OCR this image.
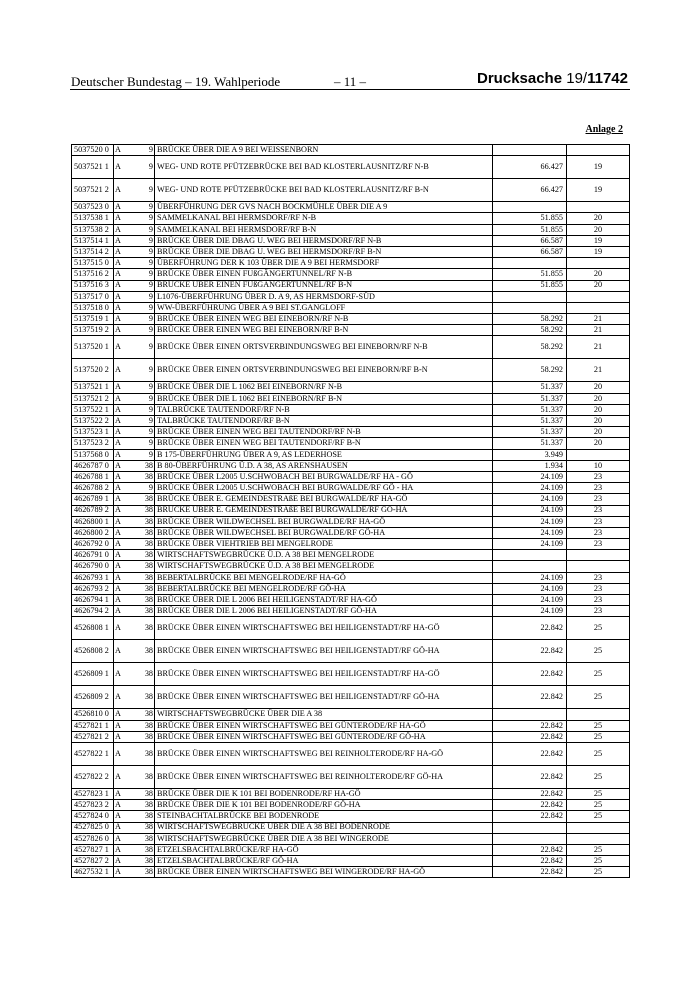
Deutscher Bundestag – 19. Wahlperiode	– 11 –	Drucksache 19/11742
Anlage 2
5037520 0	A	9	BRÜCKE ÜBER DIE A 9 BEI WEISSENBORN		
5037521 1	A	9	WEG- UND ROTE PFÜTZEBRÜCKE BEI BAD KLOSTERLAUSNITZ/RF N-B	66.427	19
5037521 2	A	9	WEG- UND ROTE PFÜTZEBRÜCKE BEI BAD KLOSTERLAUSNITZ/RF B-N	66.427	19
5037523 0	A	9	ÜBERFÜHRUNG DER GVS NACH BOCKMÜHLE ÜBER DIE A 9		
5137538 1	A	9	SAMMELKANAL BEI HERMSDORF/RF N-B	51.855	20
5137538 2	A	9	SAMMELKANAL BEI HERMSDORF/RF B-N	51.855	20
5137514 1	A	9	BRÜCKE ÜBER DIE DBAG U. WEG BEI HERMSDORF/RF N-B	66.587	19
5137514 2	A	9	BRÜCKE ÜBER DIE DBAG U. WEG BEI HERMSDORF/RF B-N	66.587	19
5137515 0	A	9	ÜBERFÜHRUNG DER K 103 ÜBER DIE A 9 BEI HERMSDORF		
5137516 2	A	9	BRÜCKE ÜBER EINEN FUßGÄNGERTUNNEL/RF N-B	51.855	20
5137516 3	A	9	BRÜCKE ÜBER EINEN FUßGÄNGERTUNNEL/RF B-N	51.855	20
5137517 0	A	9	L1076-ÜBERFÜHRUNG ÜBER D. A 9, AS HERMSDORF-SÜD		
5137518 0	A	9	WW-ÜBERFÜHRUNG ÜBER A 9 BEI ST.GANGLOFF		
5137519 1	A	9	BRÜCKE ÜBER EINEN WEG BEI EINEBORN/RF N-B	58.292	21
5137519 2	A	9	BRÜCKE ÜBER EINEN WEG BEI EINEBORN/RF B-N	58.292	21
5137520 1	A	9	BRÜCKE ÜBER EINEN ORTSVERBINDUNGSWEG BEI EINEBORN/RF N-B	58.292	21
5137520 2	A	9	BRÜCKE ÜBER EINEN ORTSVERBINDUNGSWEG BEI EINEBORN/RF B-N	58.292	21
5137521 1	A	9	BRÜCKE ÜBER DIE L 1062 BEI EINEBORN/RF N-B	51.337	20
5137521 2	A	9	BRÜCKE ÜBER DIE L 1062 BEI EINEBORN/RF B-N	51.337	20
5137522 1	A	9	TALBRÜCKE TAUTENDORF/RF N-B	51.337	20
5137522 2	A	9	TALBRÜCKE TAUTENDORF/RF B-N	51.337	20
5137523 1	A	9	BRÜCKE ÜBER EINEN WEG BEI TAUTENDORF/RF N-B	51.337	20
5137523 2	A	9	BRÜCKE ÜBER EINEN WEG BEI TAUTENDORF/RF B-N	51.337	20
5137568 0	A	9	B 175-ÜBERFÜHRUNG ÜBER A 9, AS LEDERHOSE	3.949	
4626787 0	A	38	B 80-ÜBERFÜHRUNG Ü.D. A 38, AS ARENSHAUSEN	1.934	10
4626788 1	A	38	BRÜCKE ÜBER L2005 U.SCHWOBACH BEI BURGWALDE/RF HA - GÖ	24.109	23
4626788 2	A	9	BRÜCKE ÜBER L2005 U.SCHWOBACH BEI BURGWALDE/RF GÖ - HA	24.109	23
4626789 1	A	38	BRÜCKE ÜBER E. GEMEINDESTRAßE BEI BURGWALDE/RF HA-GÖ	24.109	23
4626789 2	A	38	BRÜCKE ÜBER E. GEMEINDESTRAßE BEI BURGWALDE/RF GÖ-HA	24.109	23
4626800 1	A	38	BRÜCKE ÜBER WILDWECHSEL BEI BURGWALDE/RF HA-GÖ	24.109	23
4626800 2	A	38	BRÜCKE ÜBER WILDWECHSEL BEI BURGWALDE/RF GÖ-HA	24.109	23
4626792 0	A	38	BRÜCKE ÜBER VIEHTRIEB BEI MENGELRODE	24.109	23
4626791 0	A	38	WIRTSCHAFTSWEGBRÜCKE Ü.D. A 38 BEI MENGELRODE		
4626790 0	A	38	WIRTSCHAFTSWEGBRÜCKE Ü.D. A 38 BEI MENGELRODE		
4626793 1	A	38	BEBERTALBRÜCKE BEI MENGELRODE/RF HA-GÖ	24.109	23
4626793 2	A	38	BEBERTALBRÜCKE BEI MENGELRODE/RF GÖ-HA	24.109	23
4626794 1	A	38	BRÜCKE ÜBER DIE L 2006 BEI HEILIGENSTADT/RF HA-GÖ	24.109	23
4626794 2	A	38	BRÜCKE ÜBER DIE L 2006 BEI HEILIGENSTADT/RF GÖ-HA	24.109	23
4526808 1	A	38	BRÜCKE ÜBER EINEN WIRTSCHAFTSWEG BEI HEILIGENSTADT/RF HA-GÖ	22.842	25
4526808 2	A	38	BRÜCKE ÜBER EINEN WIRTSCHAFTSWEG BEI HEILIGENSTADT/RF GÖ-HA	22.842	25
4526809 1	A	38	BRÜCKE ÜBER EINEN WIRTSCHAFTSWEG BEI HEILIGENSTADT/RF HA-GÖ	22.842	25
4526809 2	A	38	BRÜCKE ÜBER EINEN WIRTSCHAFTSWEG BEI HEILIGENSTADT/RF GÖ-HA	22.842	25
4526810 0	A	38	WIRTSCHAFTSWEGBRÜCKE ÜBER DIE A 38		
4527821 1	A	38	BRÜCKE ÜBER EINEN WIRTSCHAFTSWEG BEI GÜNTERODE/RF HA-GÖ	22.842	25
4527821 2	A	38	BRÜCKE ÜBER EINEN WIRTSCHAFTSWEG BEI GÜNTERODE/RF GÖ-HA	22.842	25
4527822 1	A	38	BRÜCKE ÜBER EINEN WIRTSCHAFTSWEG BEI REINHOLTERODE/RF HA-GÖ	22.842	25
4527822 2	A	38	BRÜCKE ÜBER EINEN WIRTSCHAFTSWEG BEI REINHOLTERODE/RF GÖ-HA	22.842	25
4527823 1	A	38	BRÜCKE ÜBER DIE K 101 BEI BODENRODE/RF HA-GÖ	22.842	25
4527823 2	A	38	BRÜCKE ÜBER DIE K 101 BEI BODENRODE/RF GÖ-HA	22.842	25
4527824 0	A	38	STEINBACHTALBRÜCKE BEI BODENRODE	22.842	25
4527825 0	A	38	WIRTSCHAFTSWEGBRÜCKE ÜBER DIE A 38 BEI BODENRODE		
4527826 0	A	38	WIRTSCHAFTSWEGBRÜCKE ÜBER DIE A 38 BEI WINGERODE		
4527827 1	A	38	ETZELSBACHTALBRÜCKE/RF HA-GÖ	22.842	25
4527827 2	A	38	ETZELSBACHTALBRÜCKE/RF GÖ-HA	22.842	25
4627532 1	A	38	BRÜCKE ÜBER EINEN WIRTSCHAFTSWEG BEI WINGERODE/RF HA-GÖ	22.842	25
